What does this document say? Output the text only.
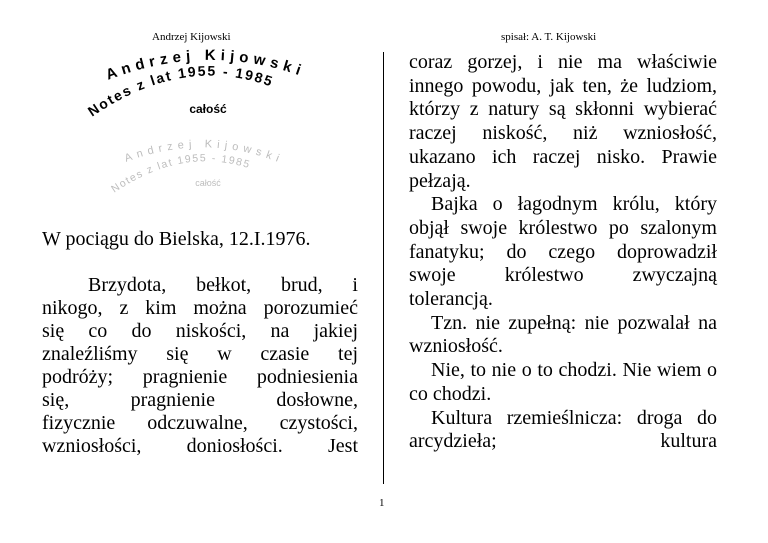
Andrzej Kijowski	spisał: A. T. Kijowski
Andrzej Kijowski
Notes z lat 1955 - 1985
całość
Andrzej Kijowski
Notes z lat 1955 - 1985
całość

W pociągu do Bielska, 12.I.1976.

Brzydota, bełkot, brud, i

nikogo, z kim można porozumieć

się co do niskości, na jakiej

znaleźliśmy się w czasie tej

podróży; pragnienie podniesienia

się, pragnienie dosłowne,

fizycznie odczuwalne, czystości,

wzniosłości, doniosłości. Jest

coraz gorzej, i nie ma właściwie innego powodu, jak ten, że ludziom, którzy z natury są skłonni wybierać raczej niskość, niż wzniosłość, ukazano ich raczej nisko. Prawie pełzają.

Bajka o łagodnym królu, który objął swoje królestwo po szalonym fanatyku; do czego doprowadził swoje królestwo zwyczajną tolerancją.

Tzn. nie zupełną: nie pozwalał na wzniosłość.

Nie, to nie o to chodzi. Nie wiem o co chodzi.

Kultura rzemieślnicza: droga do arcydzieła; kultura

1
